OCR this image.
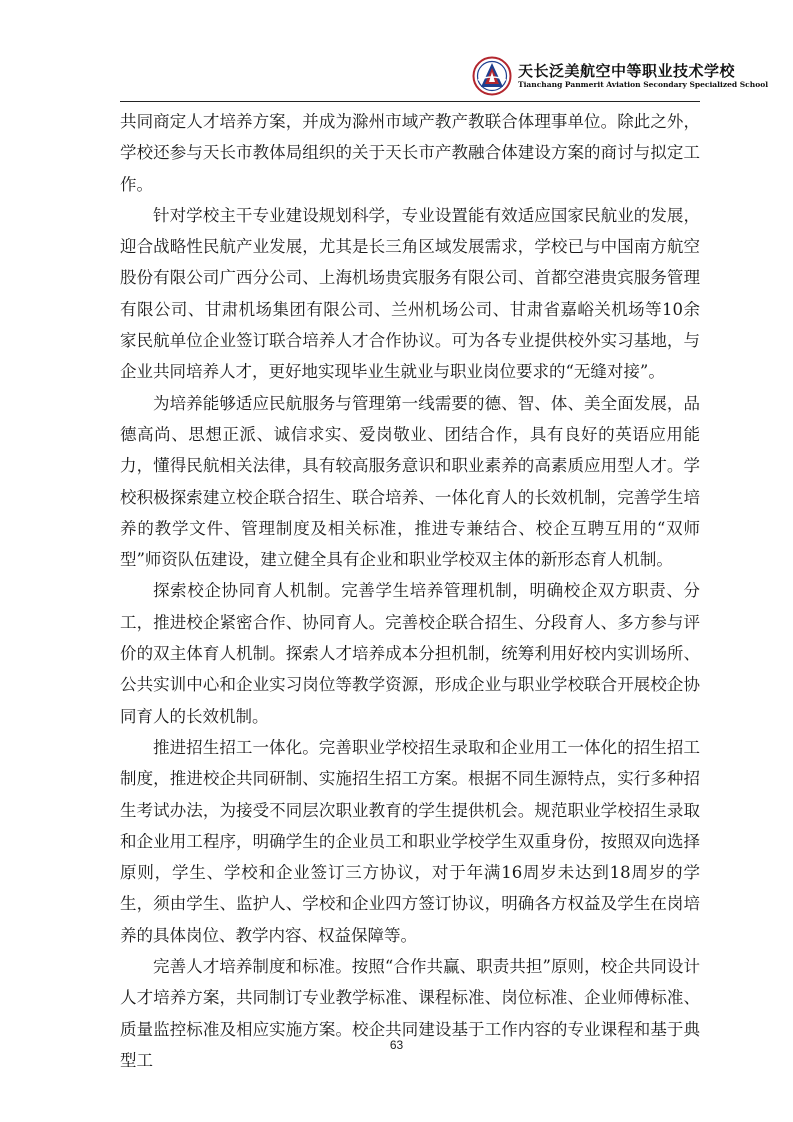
天长泛美航空中等职业技术学校
Tianchang Panmerit Aviation Secondary Specialized School

共同商定人才培养方案，并成为滁州市域产教产教联合体理事单位。除此之外，学校还参与天长市教体局组织的关于天长市产教融合体建设方案的商讨与拟定工作。

针对学校主干专业建设规划科学，专业设置能有效适应国家民航业的发展，迎合战略性民航产业发展，尤其是长三角区域发展需求，学校已与中国南方航空股份有限公司广西分公司、上海机场贵宾服务有限公司、首都空港贵宾服务管理有限公司、甘肃机场集团有限公司、兰州机场公司、甘肃省嘉峪关机场等10余家民航单位企业签订联合培养人才合作协议。可为各专业提供校外实习基地，与企业共同培养人才，更好地实现毕业生就业与职业岗位要求的“无缝对接”。

为培养能够适应民航服务与管理第一线需要的德、智、体、美全面发展，品德高尚、思想正派、诚信求实、爱岗敬业、团结合作，具有良好的英语应用能力，懂得民航相关法律，具有较高服务意识和职业素养的高素质应用型人才。学校积极探索建立校企联合招生、联合培养、一体化育人的长效机制，完善学生培养的教学文件、管理制度及相关标准，推进专兼结合、校企互聘互用的“双师型”师资队伍建设，建立健全具有企业和职业学校双主体的新形态育人机制。

探索校企协同育人机制。完善学生培养管理机制，明确校企双方职责、分工，推进校企紧密合作、协同育人。完善校企联合招生、分段育人、多方参与评价的双主体育人机制。探索人才培养成本分担机制，统筹利用好校内实训场所、公共实训中心和企业实习岗位等教学资源，形成企业与职业学校联合开展校企协同育人的长效机制。

推进招生招工一体化。完善职业学校招生录取和企业用工一体化的招生招工制度，推进校企共同研制、实施招生招工方案。根据不同生源特点，实行多种招生考试办法，为接受不同层次职业教育的学生提供机会。规范职业学校招生录取和企业用工程序，明确学生的企业员工和职业学校学生双重身份，按照双向选择原则，学生、学校和企业签订三方协议，对于年满16周岁未达到18周岁的学生，须由学生、监护人、学校和企业四方签订协议，明确各方权益及学生在岗培养的具体岗位、教学内容、权益保障等。

完善人才培养制度和标准。按照“合作共赢、职责共担”原则，校企共同设计人才培养方案，共同制订专业教学标准、课程标准、岗位标准、企业师傅标准、质量监控标准及相应实施方案。校企共同建设基于工作内容的专业课程和基于典型工

63
